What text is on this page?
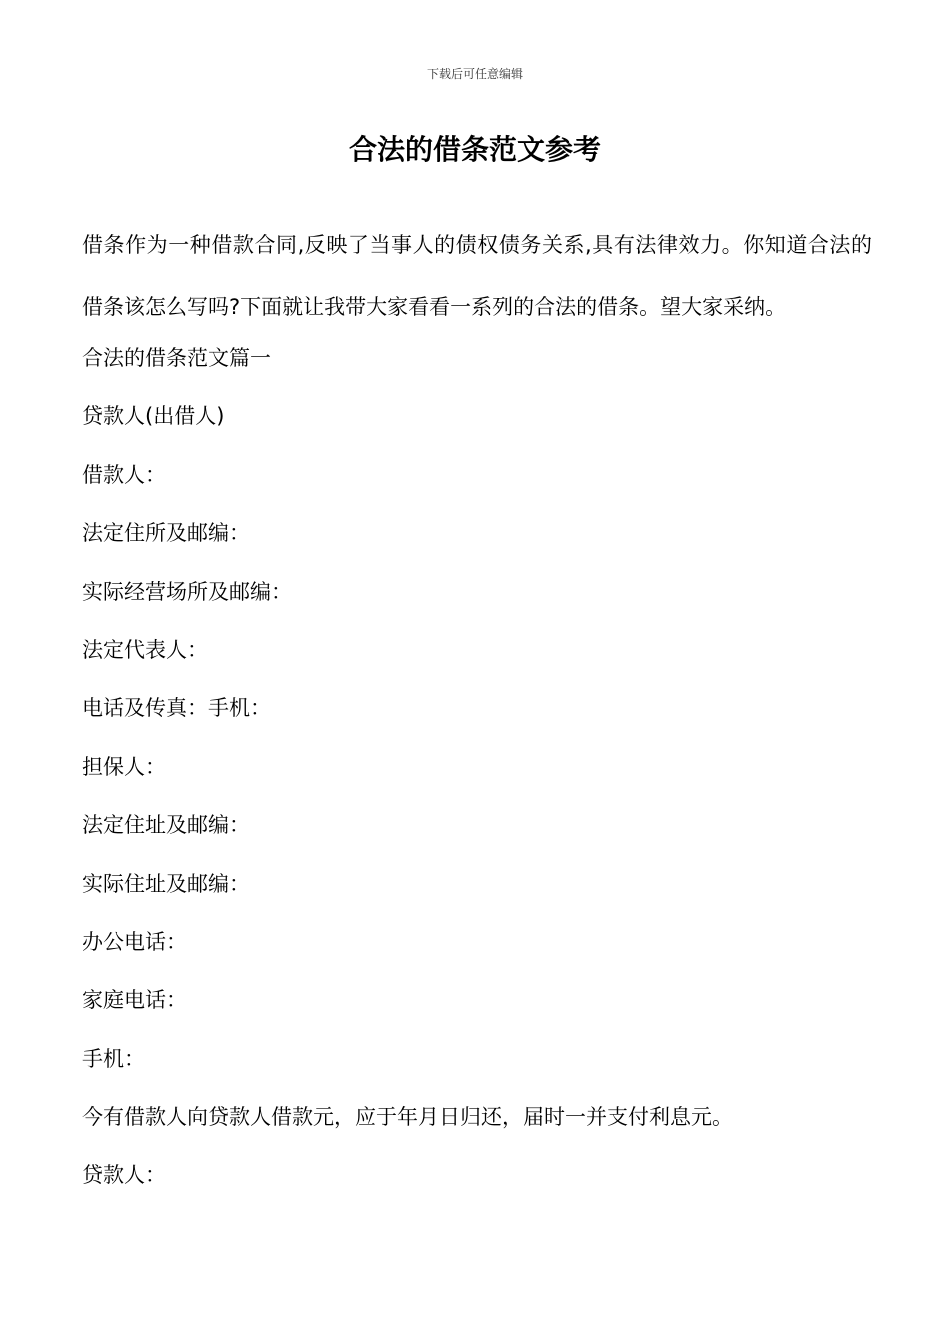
下载后可任意编辑
合法的借条范文参考

借条作为一种借款合同,反映了当事人的债权债务关系,具有法律效力。你知道合法的借条该怎么写吗?下面就让我带大家看看一系列的合法的借条。望大家采纳。

合法的借条范文篇一
贷款人(出借人)
借款人：
法定住所及邮编：
实际经营场所及邮编：
法定代表人：
电话及传真：手机：
担保人：
法定住址及邮编：
实际住址及邮编：
办公电话：
家庭电话：
手机：
今有借款人向贷款人借款元，应于年月日归还，届时一并支付利息元。
贷款人：
